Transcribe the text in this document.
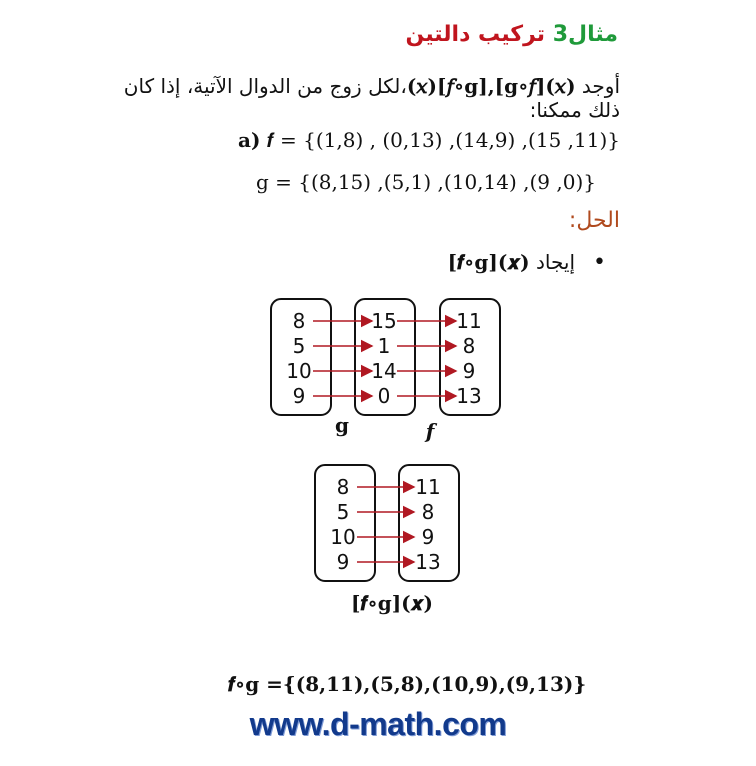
مثال3 تركيب دالتين
أوجد (𝑥)[𝑓∘g],[g∘𝑓](𝑥)،لكل زوج من الدوال الآتية، إذا كان
ذلك ممكنا:
a) 𝒇 = {(1,8) , (0,13) ,(14,9) ,(15 ,11)}
g = {(8,15) ,(5,1) ,(10,14) ,(9 ,0)}
الحل:
•إيجاد [𝒇∘g](𝒙)
8
5
10
9
15
1
14
0
11
8
9
13
g	𝒇
8
5
10
9
11
8
9
13
[𝒇∘g](𝒙)
𝒇∘g ={(8,11),(5,8),(10,9),(9,13)}
www.d-math.com
